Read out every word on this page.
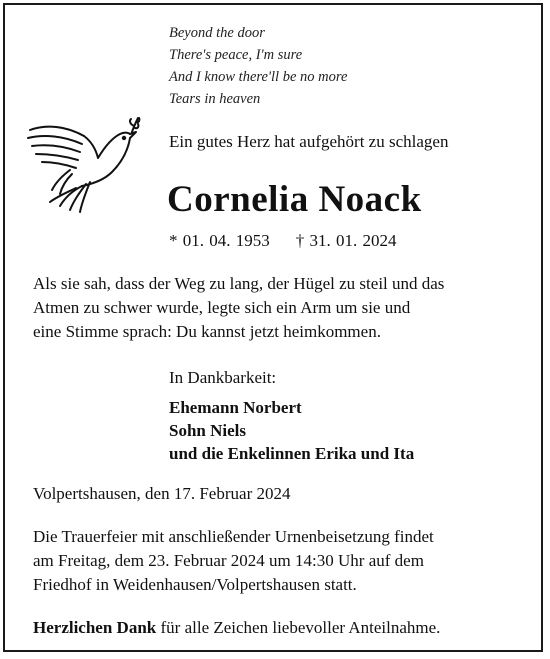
Beyond the door
There's peace, I'm sure
And I know there'll be no more
Tears in heaven
Ein gutes Herz hat aufgehört zu schlagen
Cornelia Noack
* 01. 04. 1953 † 31. 01. 2024
Als sie sah, dass der Weg zu lang, der Hügel zu steil und das
Atmen zu schwer wurde, legte sich ein Arm um sie und
eine Stimme sprach: Du kannst jetzt heimkommen.
In Dankbarkeit:
Ehemann Norbert
Sohn Niels
und die Enkelinnen Erika und Ita
Volpertshausen, den 17. Februar 2024
Die Trauerfeier mit anschließender Urnenbeisetzung findet
am Freitag, dem 23. Februar 2024 um 14:30 Uhr auf dem
Friedhof in Weidenhausen/Volpertshausen statt.
Herzlichen Dank für alle Zeichen liebevoller Anteilnahme.
